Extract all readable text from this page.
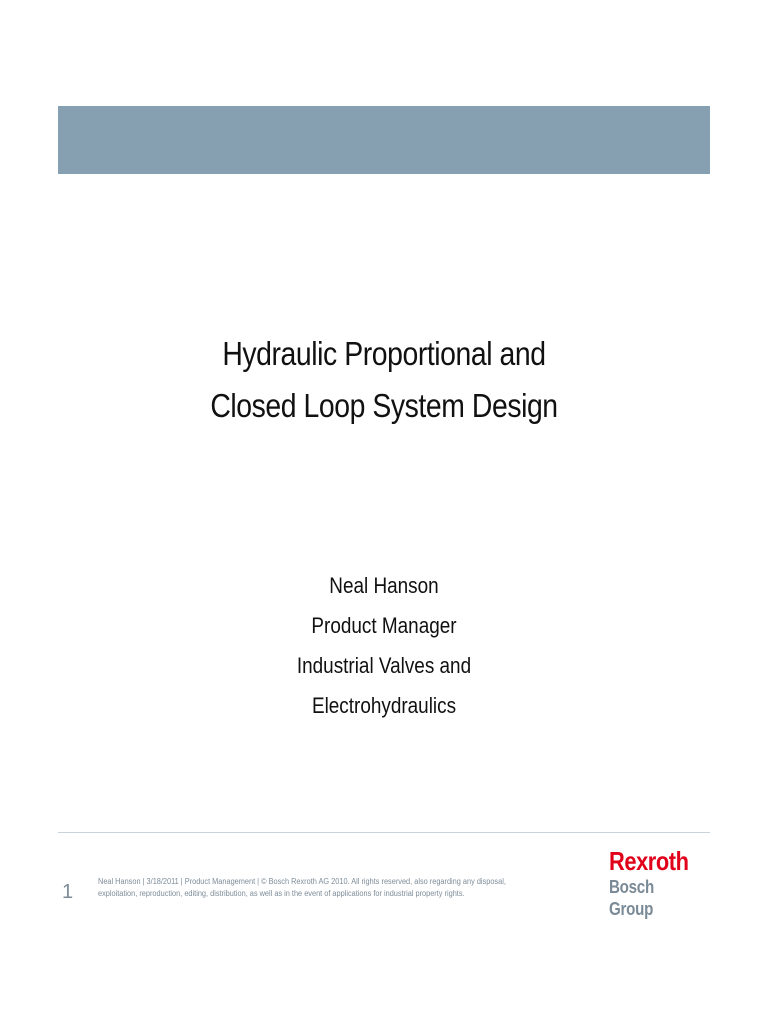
Hydraulic Proportional and
Closed Loop System Design
Neal Hanson
Product Manager
Industrial Valves and
Electrohydraulics
1	Neal Hanson | 3/18/2011 | Product Management | © Bosch Rexroth AG 2010. All rights reserved, also regarding any disposal, exploitation, reproduction, editing, distribution, as well as in the event of applications for industrial property rights.
Rexroth
Bosch Group
